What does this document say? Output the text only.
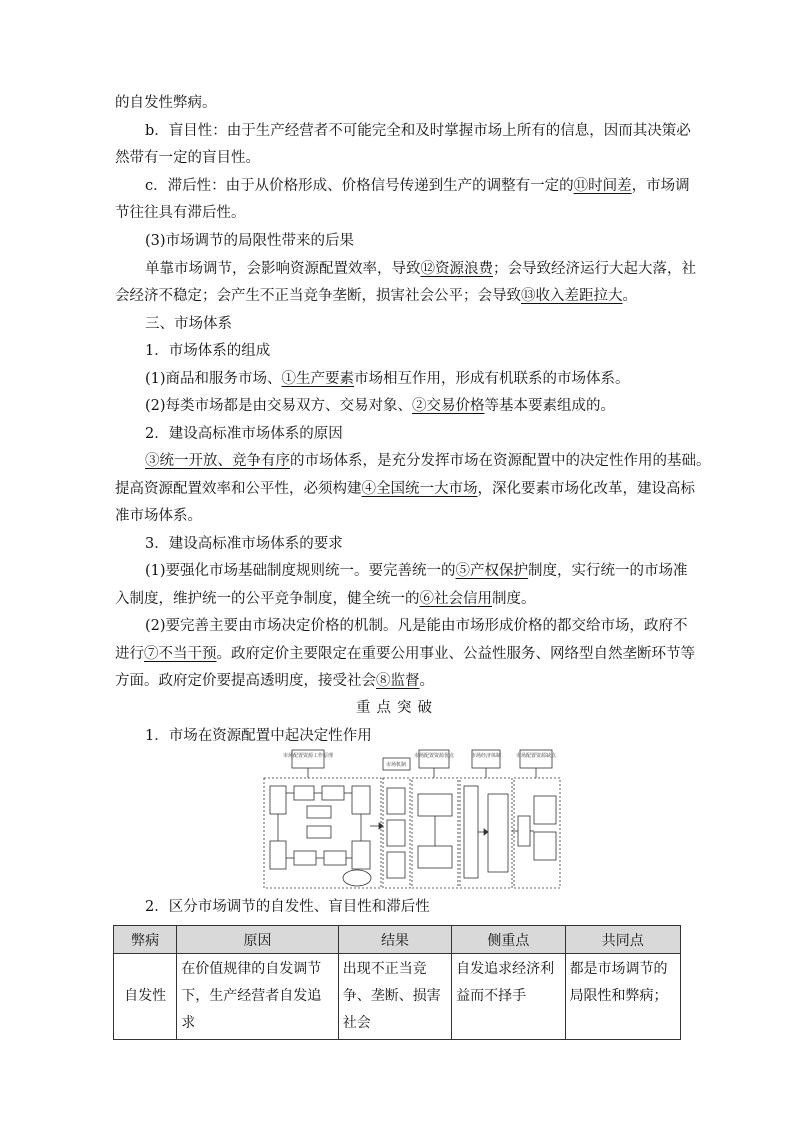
的自发性弊病。
b．盲目性：由于生产经营者不可能完全和及时掌握市场上所有的信息，因而其决策必
然带有一定的盲目性。
c．滞后性：由于从价格形成、价格信号传递到生产的调整有一定的⑪时间差，市场调
节往往具有滞后性。
(3)市场调节的局限性带来的后果
单靠市场调节，会影响资源配置效率，导致⑫资源浪费；会导致经济运行大起大落，社
会经济不稳定；会产生不正当竞争垄断，损害社会公平；会导致⑬收入差距拉大。
三、市场体系
1．市场体系的组成
(1)商品和服务市场、①生产要素市场相互作用，形成有机联系的市场体系。
(2)每类市场都是由交易双方、交易对象、②交易价格等基本要素组成的。
2．建设高标准市场体系的原因
③统一开放、竞争有序的市场体系，是充分发挥市场在资源配置中的决定性作用的基础。
提高资源配置效率和公平性，必须构建④全国统一大市场，深化要素市场化改革，建设高标
准市场体系。
3．建设高标准市场体系的要求
(1)要强化市场基础制度规则统一。要完善统一的⑤产权保护制度，实行统一的市场准
入制度，维护统一的公平竞争制度，健全统一的⑥社会信用制度。
(2)要完善主要由市场决定价格的机制。凡是能由市场形成价格的都交给市场，政府不
进行⑦不当干预。政府定价主要限定在重要公用事业、公益性服务、网络型自然垄断环节等
方面。政府定价要提高透明度，接受社会⑧监督。
重点突破
1．市场在资源配置中起决定性作用
市场配置资源工作原理
市场机制
市场配置资源优点	市场经济体制	市场配置资源缺点
2．区分市场调节的自发性、盲目性和滞后性
弊病	原因	结果	侧重点	共同点
自发性	在价值规律的自发调节下，生产经营者自发追求	出现不正当竞争、垄断、损害社会	自发追求经济利益而不择手	都是市场调节的局限性和弊病；
